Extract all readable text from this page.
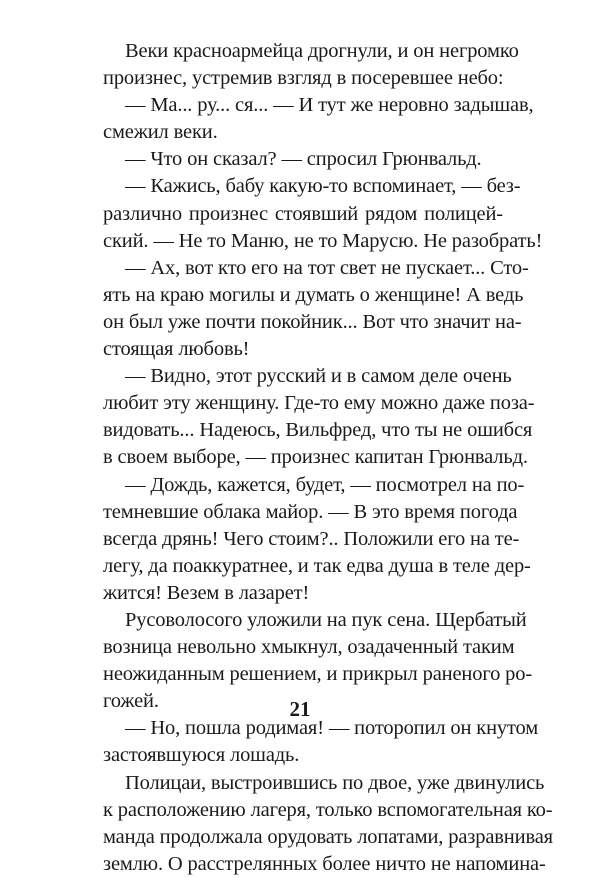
Веки красноармейца дрогнули, и он негромко
произнес, устремив взгляд в посеревшее небо:
— Ма... ру... ся... — И тут же неровно задышав,
смежил веки.
— Что он сказал? — спросил Грюнвальд.
— Кажись, бабу какую-то вспоминает, — без-
различно произнес стоявший рядом полицей-
ский. — Не то Маню, не то Марусю. Не разобрать!
— Ах, вот кто его на тот свет не пускает... Сто-
ять на краю могилы и думать о женщине! А ведь
он был уже почти покойник... Вот что значит на-
стоящая любовь!
— Видно, этот русский и в самом деле очень
любит эту женщину. Где-то ему можно даже поза-
видовать... Надеюсь, Вильфред, что ты не ошибся
в своем выборе, — произнес капитан Грюнвальд.
— Дождь, кажется, будет, — посмотрел на по-
темневшие облака майор. — В это время погода
всегда дрянь! Чего стоим?.. Положили его на те-
легу, да поаккуратнее, и так едва душа в теле дер-
жится! Везем в лазарет!
Русоволосого уложили на пук сена. Щербатый
возница невольно хмыкнул, озадаченный таким
неожиданным решением, и прикрыл раненого ро-
гожей.
— Но, пошла родимая! — поторопил он кнутом
застоявшуюся лошадь.
Полицаи, выстроившись по двое, уже двинулись
к расположению лагеря, только вспомогательная ко-
манда продолжала орудовать лопатами, разравнивая
землю. О расстрелянных более ничто не напомина-
21
